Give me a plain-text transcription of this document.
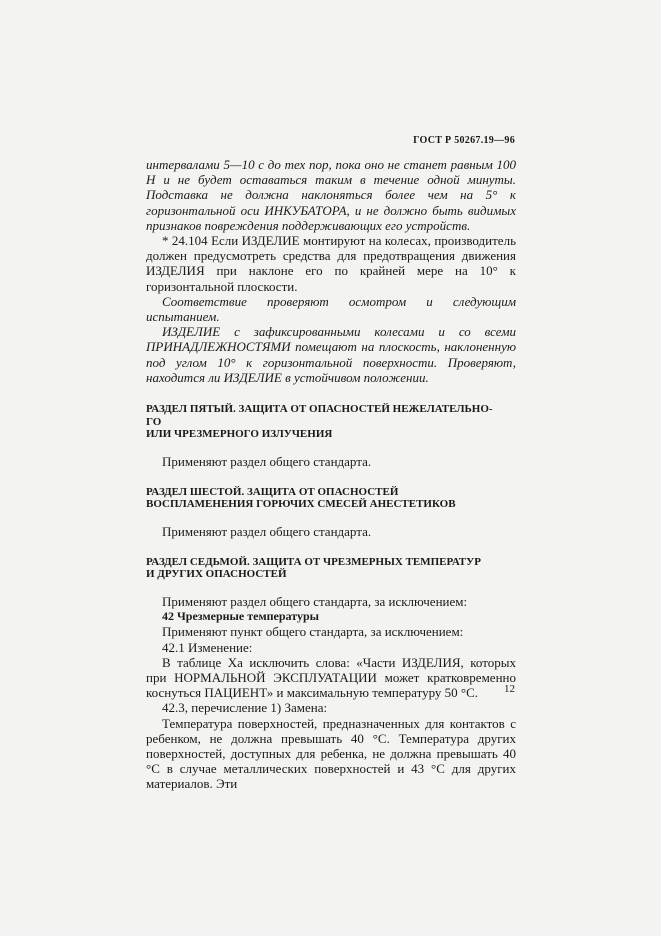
ГОСТ Р 50267.19—96

интервалами 5—10 с до тех пор, пока оно не станет равным 100 Н и не будет оставаться таким в течение одной минуты. Подставка не должна наклоняться более чем на 5° к горизонтальной оси ИНКУБАТОРА, и не должно быть видимых признаков повреждения поддерживающих его устройств.

* 24.104 Если ИЗДЕЛИЕ монтируют на колесах, производитель должен предусмотреть средства для предотвращения движения ИЗДЕЛИЯ при наклоне его по крайней мере на 10° к горизонтальной плоскости.

Соответствие проверяют осмотром и следующим испытанием.

ИЗДЕЛИЕ с зафиксированными колесами и со всеми ПРИНАДЛЕЖНОСТЯМИ помещают на плоскость, наклоненную под углом 10° к горизонтальной поверхности. Проверяют, находится ли ИЗДЕЛИЕ в устойчивом положении.

РАЗДЕЛ ПЯТЫЙ. ЗАЩИТА ОТ ОПАСНОСТЕЙ НЕЖЕЛАТЕЛЬНО-
ГО
ИЛИ ЧРЕЗМЕРНОГО ИЗЛУЧЕНИЯ

Применяют раздел общего стандарта.

РАЗДЕЛ ШЕСТОЙ. ЗАЩИТА ОТ ОПАСНОСТЕЙ
ВОСПЛАМЕНЕНИЯ ГОРЮЧИХ СМЕСЕЙ АНЕСТЕТИКОВ

Применяют раздел общего стандарта.

РАЗДЕЛ СЕДЬМОЙ. ЗАЩИТА ОТ ЧРЕЗМЕРНЫХ ТЕМПЕРАТУР
И ДРУГИХ ОПАСНОСТЕЙ

Применяют раздел общего стандарта, за исключением:

42 Чрезмерные температуры

Применяют пункт общего стандарта, за исключением:

42.1 Изменение:

В таблице Ха исключить слова: «Части ИЗДЕЛИЯ, которых при НОРМАЛЬНОЙ ЭКСПЛУАТАЦИИ может кратковременно коснуться ПАЦИЕНТ» и максимальную температуру 50 °С.

42.3, перечисление 1) Замена:

Температура поверхностей, предназначенных для контактов с ребенком, не должна превышать 40 °С. Температура других поверхностей, доступных для ребенка, не должна превышать 40 °С в случае металлических поверхностей и 43 °С для других материалов. Эти

12
